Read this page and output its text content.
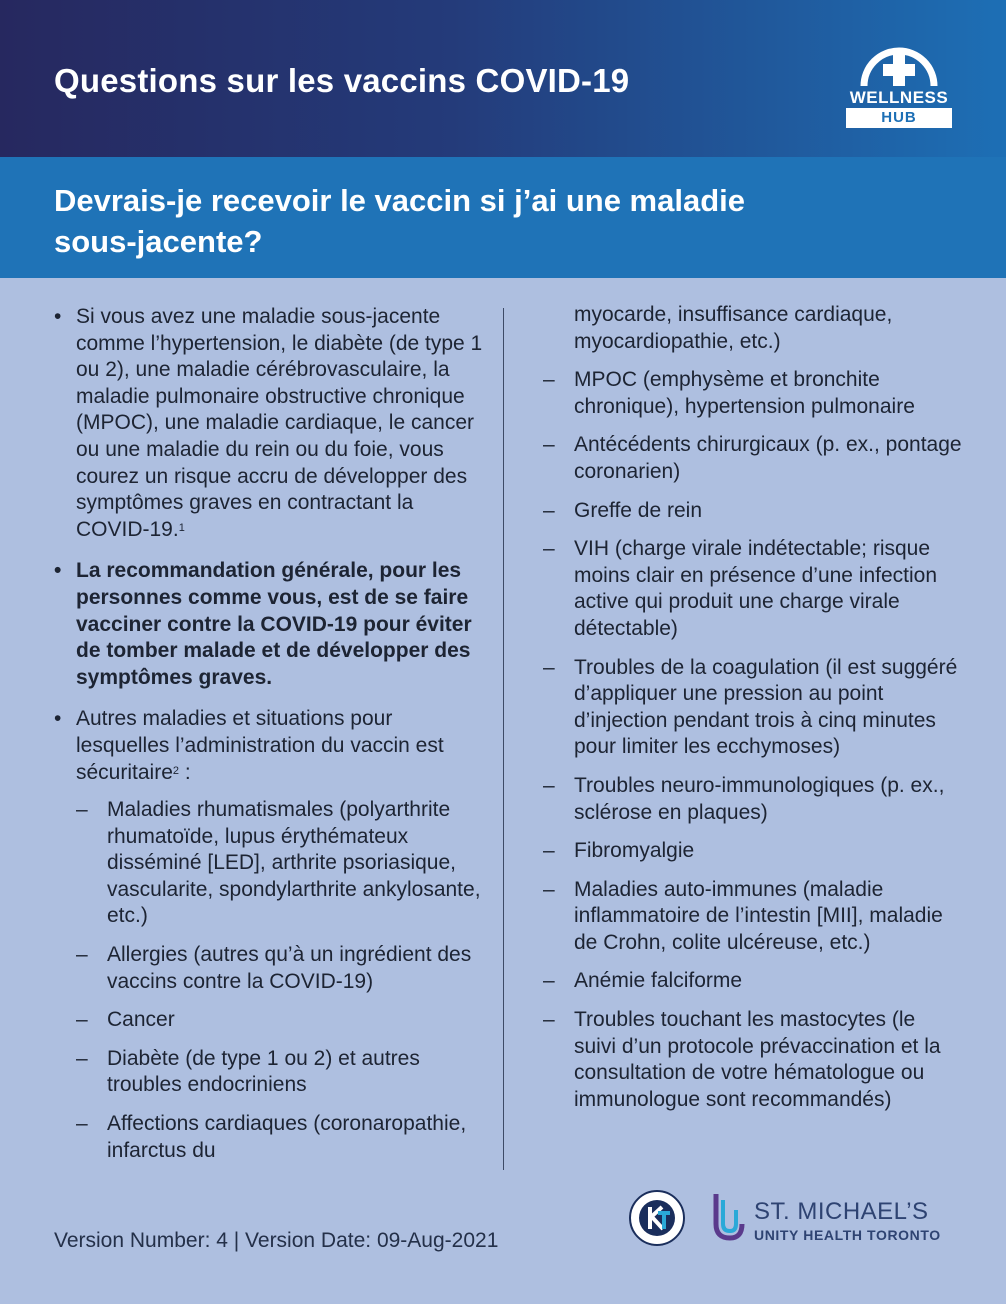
Questions sur les vaccins COVID-19	WELLNESS
HUB
Devrais-je recevoir le vaccin si j’ai une maladie
sous-jacente?
• Si vous avez une maladie sous-jacente comme l’hypertension, le diabète (de type 1 ou 2), une maladie cérébrovasculaire, la maladie pulmonaire obstructive chronique (MPOC), une maladie cardiaque, le cancer ou une maladie du rein ou du foie, vous courez un risque accru de développer des symptômes graves en contractant la COVID-19.$^1$
• La recommandation générale, pour les personnes comme vous, est de se faire vacciner contre la COVID-19 pour éviter de tomber malade et de développer des symptômes graves.
• Autres maladies et situations pour lesquelles l’administration du vaccin est sécuritaire$^2$ :
– Maladies rhumatismales (polyarthrite rhumatoïde, lupus érythémateux disséminé [LED], arthrite psoriasique, vascularite, spondylarthrite ankylosante, etc.)
– Allergies (autres qu’à un ingrédient des vaccins contre la COVID-19)
– Cancer
– Diabète (de type 1 ou 2) et autres troubles endocriniens
– Affections cardiaques (coronaropathie, infarctus du
myocarde, insuffisance cardiaque, myocardiopathie, etc.)
– MPOC (emphysème et bronchite chronique), hypertension pulmonaire
– Antécédents chirurgicaux (p. ex., pontage coronarien)
– Greffe de rein
– VIH (charge virale indétectable; risque moins clair en présence d’une infection active qui produit une charge virale détectable)
– Troubles de la coagulation (il est suggéré d’appliquer une pression au point d’injection pendant trois à cinq minutes pour limiter les ecchymoses)
– Troubles neuro-immunologiques (p. ex., sclérose en plaques)
– Fibromyalgie
– Maladies auto-immunes (maladie inflammatoire de l’intestin [MII], maladie de Crohn, colite ulcéreuse, etc.)
– Anémie falciforme
– Troubles touchant les mastocytes (le suivi d’un protocole prévaccination et la consultation de votre hématologue ou immunologue sont recommandés)
Version Number: 4 | Version Date: 09-Aug-2021
ST. MICHAEL’S
UNITY HEALTH TORONTO
